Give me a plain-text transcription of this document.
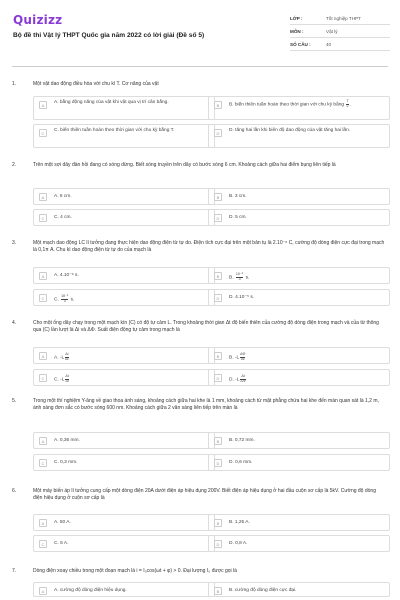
Quizizz
Bộ đề thi Vật lý THPT Quốc gia năm 2022 có lời giải (Đề số 5)
LỚP :	Tốt nghiệp THPT
MÔN :	Vật lý
SỐ CÂU :	40
1.	Một vật dao động điều hòa với chu kì T. Cơ năng của vật
A
A. bằng động năng của vật khi vật qua vị trí cân bằng.
B	B. biến thiên tuần hoàn theo thời gian với chu kỳ bằng $\frac{T}{2}$ .
C
C. biến thiên tuần hoàn theo thời gian với chu kỳ bằng T.
D
D. tăng hai lần khi biên độ dao động của vật tăng hai lần.
2.	Trên một sợi dây đàn hồi đang có sóng dừng. Biết sóng truyền trên dây có bước sóng 6 cm. Khoảng cách giữa hai điểm bụng liên tiếp là
A	A. 6 cm.	B	B. 3 cm.
C	C. 4 cm.	D	D. 5 cm.
3.	Một mạch dao động LC lí tưởng đang thực hiện dao động điện từ tự do. Điện tích cực đại trên một bản tụ là 2.10⁻⁶ C, cường độ dòng điện cực đại trong mạch là 0,1π A. Chu kì dao động điện từ tự do của mạch là
A	A. 4.10⁻⁶ s.	B	B. $\frac{\text{10⁻⁶}}{3} s$.
C	C. $\frac{\text{10⁻³}}{3} s$.	D	D. 4.10⁻⁵ s.
4.	Cho một ống dây chạy trong một mạch kín (C) có độ tự cảm L. Trong khoảng thời gian Δt độ biến thiên của cường độ dòng điện trong mạch và của từ thông qua (C) lần lượt là Δi và ΔΦ. Suất điện động tự cảm trong mạch là
A	A. $-L \frac{\Delta i}{\Delta t}$	B	B. $-L \frac{\Delta\Phi}{\Delta t}$
C	C. $-L \frac{\Delta t}{\Delta i}$	D	D. $-L \frac{\Delta t}{\Delta\Phi}$
5.	Trong một thí nghiệm Y-âng về giao thoa ánh sáng, khoảng cách giữa hai khe là 1 mm, khoảng cách từ mặt phẳng chứa hai khe đến màn quan sát là 1,2 m, ánh sáng đơn sắc có bước sóng 600 nm. Khoảng cách giữa 2 vân sáng liên tiếp trên màn là
A	A. 0,36 mm.	B	B. 0,72 mm.
C	C. 0,3 mm.	D	D. 0,6 mm.
6.	Một máy biến áp lí tưởng cung cấp một dòng điện 20A dưới điện áp hiệu dụng 200V. Biết điện áp hiệu dụng ở hai đầu cuộn sơ cấp là 5kV. Cường độ dòng điện hiệu dụng ở cuộn sơ cấp là
A	A. 50 A.	B	B. 1,25 A.
C	C. 5 A.	D	D. 0,8 A.
7.	Dòng điện xoay chiều trong một đoạn mạch là i = I₀cos(ωt + φ) > 0. Đại lượng I₀ được gọi là
A	A. cường độ dòng điện hiệu dụng.	B	B. cường độ dòng điện cực đại.
